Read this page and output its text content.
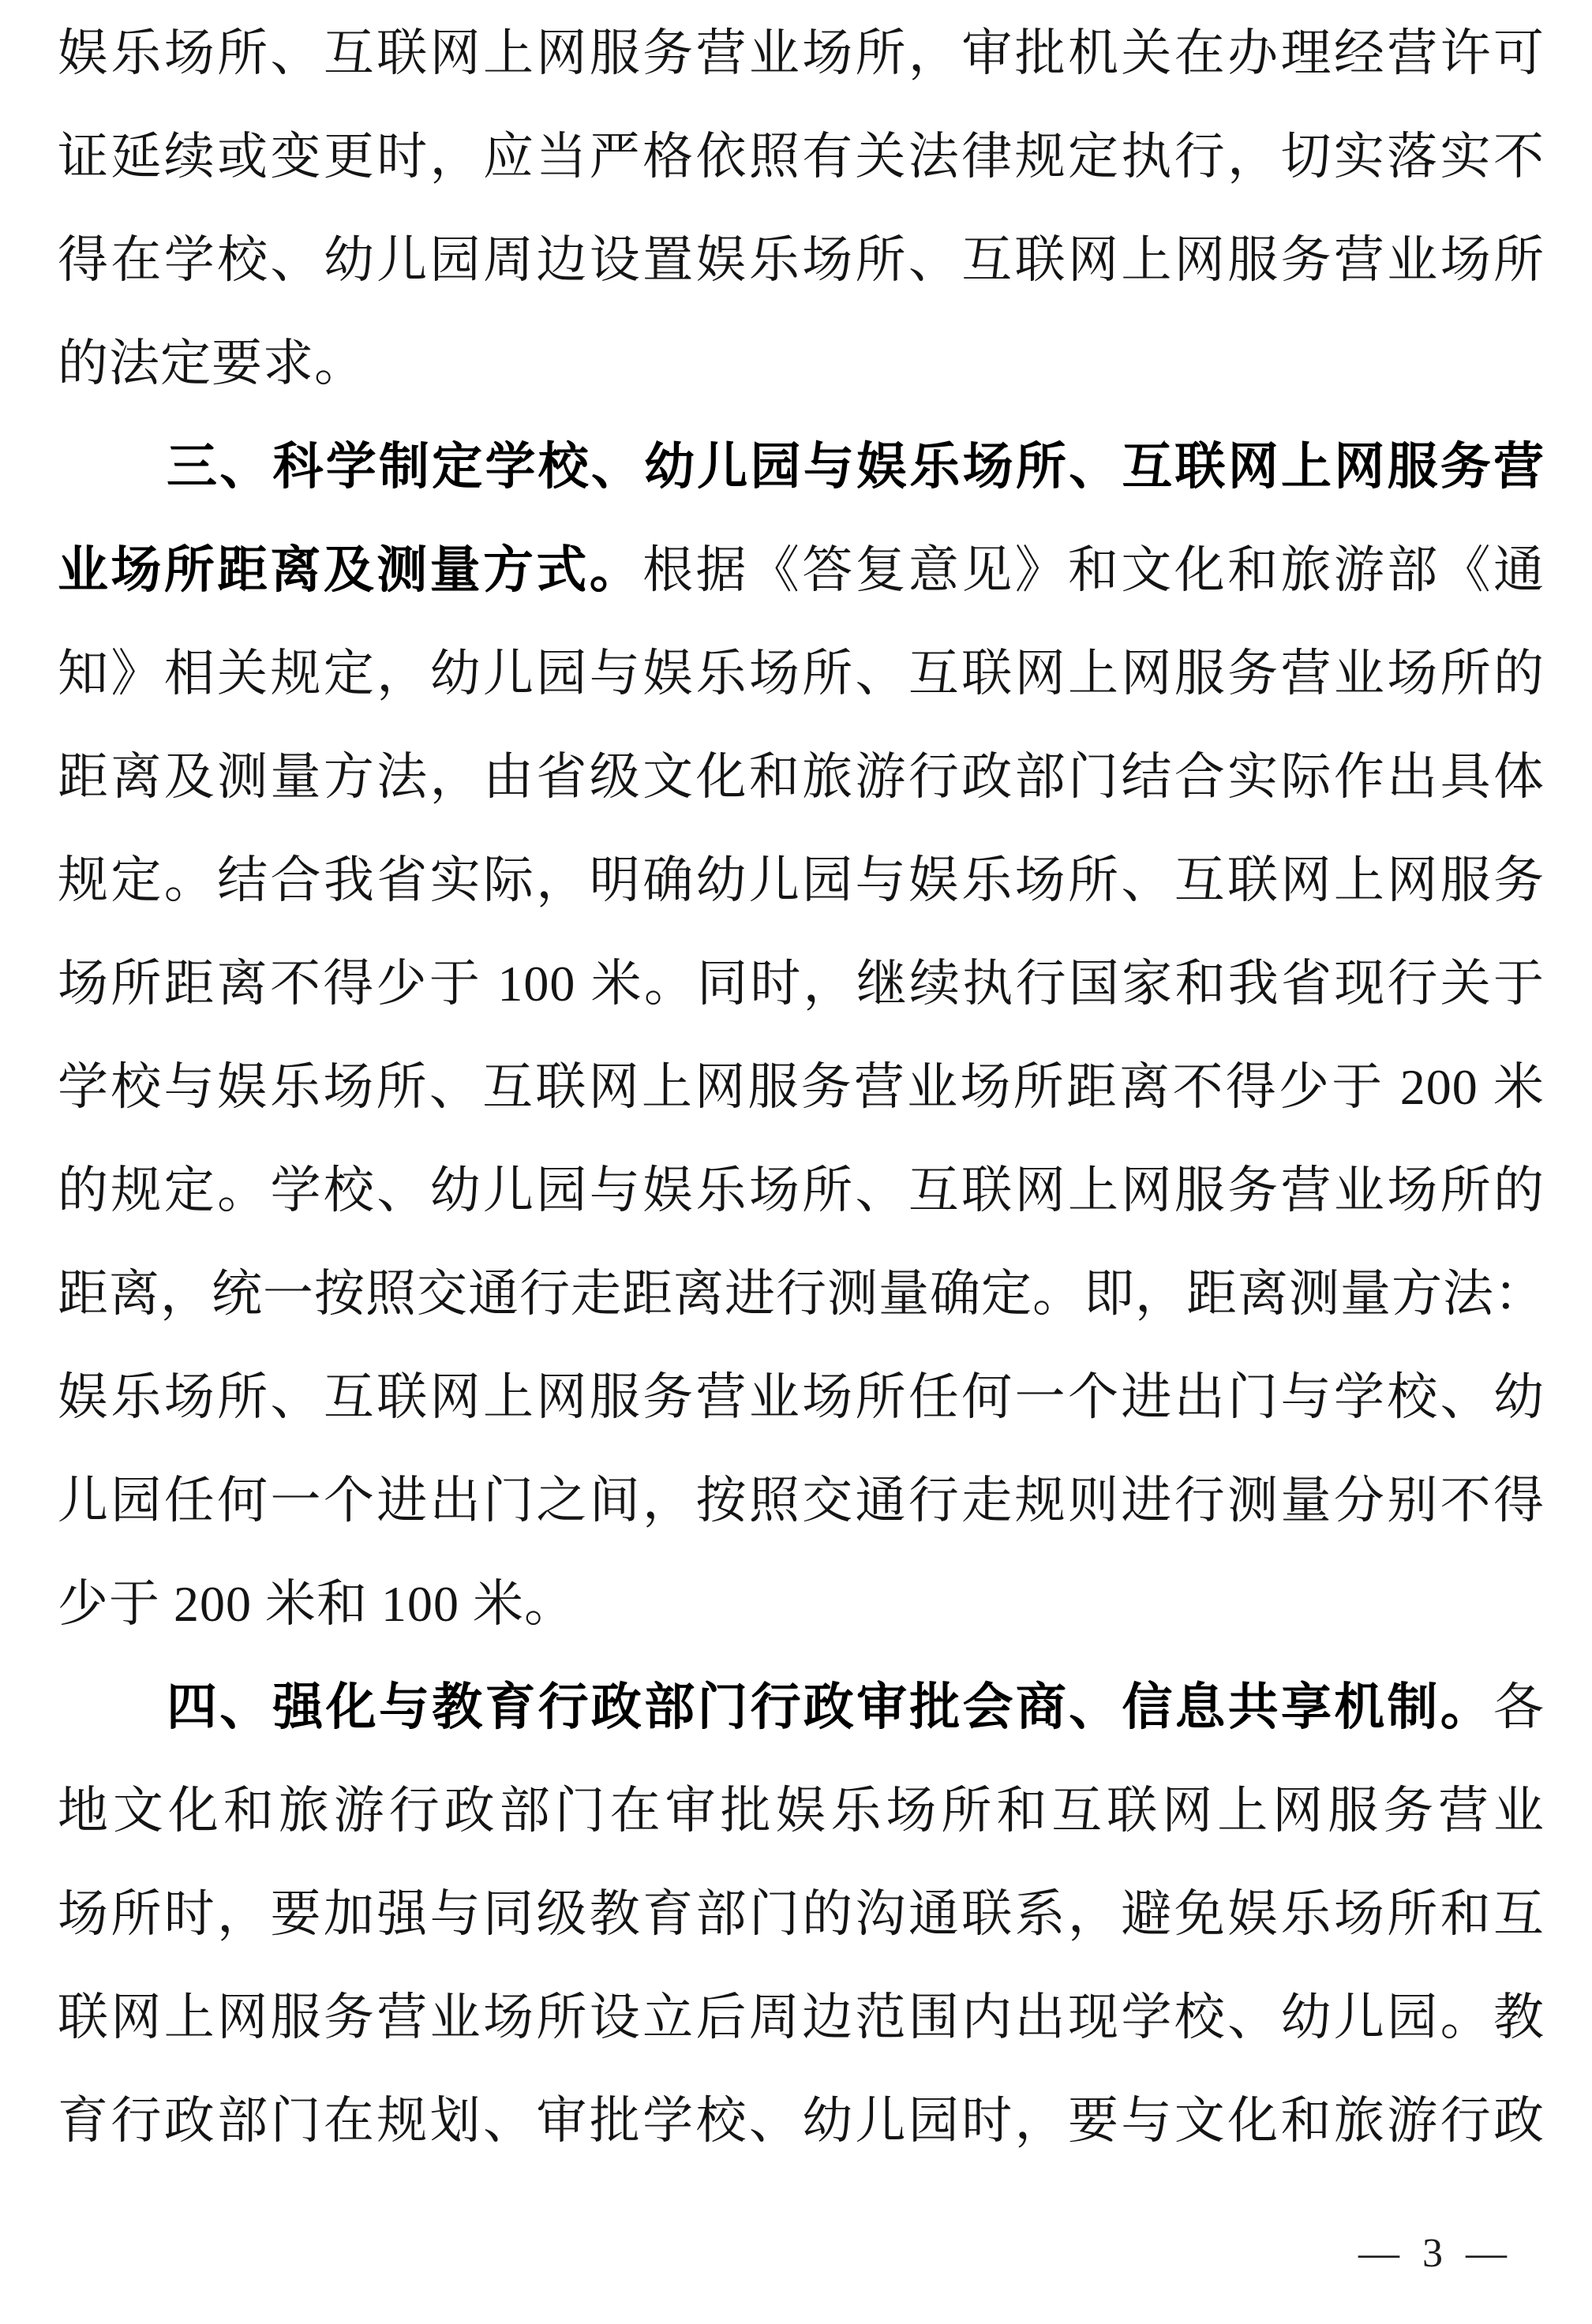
娱乐场所、互联网上网服务营业场所，审批机关在办理经营许可
证延续或变更时，应当严格依照有关法律规定执行，切实落实不
得在学校、幼儿园周边设置娱乐场所、互联网上网服务营业场所
的法定要求。
三、科学制定学校、幼儿园与娱乐场所、互联网上网服务营
业场所距离及测量方式。根据《答复意见》和文化和旅游部《通
知》相关规定，幼儿园与娱乐场所、互联网上网服务营业场所的
距离及测量方法，由省级文化和旅游行政部门结合实际作出具体
规定。结合我省实际，明确幼儿园与娱乐场所、互联网上网服务
场所距离不得少于 100 米。同时，继续执行国家和我省现行关于
学校与娱乐场所、互联网上网服务营业场所距离不得少于 200 米
的规定。学校、幼儿园与娱乐场所、互联网上网服务营业场所的
距离，统一按照交通行走距离进行测量确定。即，距离测量方法：
娱乐场所、互联网上网服务营业场所任何一个进出门与学校、幼
儿园任何一个进出门之间，按照交通行走规则进行测量分别不得
少于 200 米和 100 米。
四、强化与教育行政部门行政审批会商、信息共享机制。各
地文化和旅游行政部门在审批娱乐场所和互联网上网服务营业
场所时，要加强与同级教育部门的沟通联系，避免娱乐场所和互
联网上网服务营业场所设立后周边范围内出现学校、幼儿园。教
育行政部门在规划、审批学校、幼儿园时，要与文化和旅游行政
— 3 —
